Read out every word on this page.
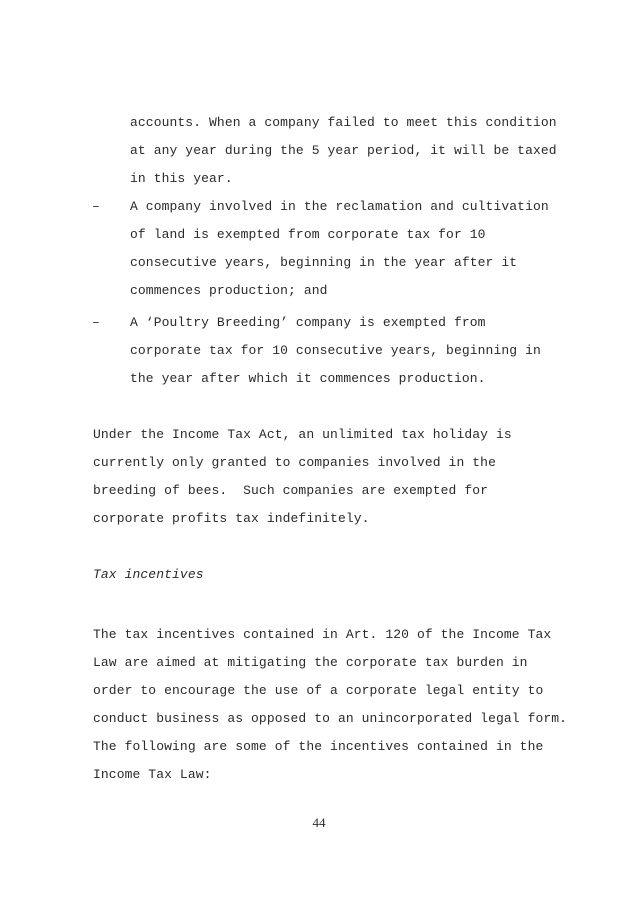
accounts. When a company failed to meet this condition
at any year during the 5 year period, it will be taxed
in this year.
– A company involved in the reclamation and cultivation
of land is exempted from corporate tax for 10
consecutive years, beginning in the year after it
commences production; and
– A ‘Poultry Breeding’ company is exempted from
corporate tax for 10 consecutive years, beginning in
the year after which it commences production.
Under the Income Tax Act, an unlimited tax holiday is
currently only granted to companies involved in the
breeding of bees.  Such companies are exempted for
corporate profits tax indefinitely.
Tax incentives
The tax incentives contained in Art. 120 of the Income Tax
Law are aimed at mitigating the corporate tax burden in
order to encourage the use of a corporate legal entity to
conduct business as opposed to an unincorporated legal form.
The following are some of the incentives contained in the
Income Tax Law:
44
